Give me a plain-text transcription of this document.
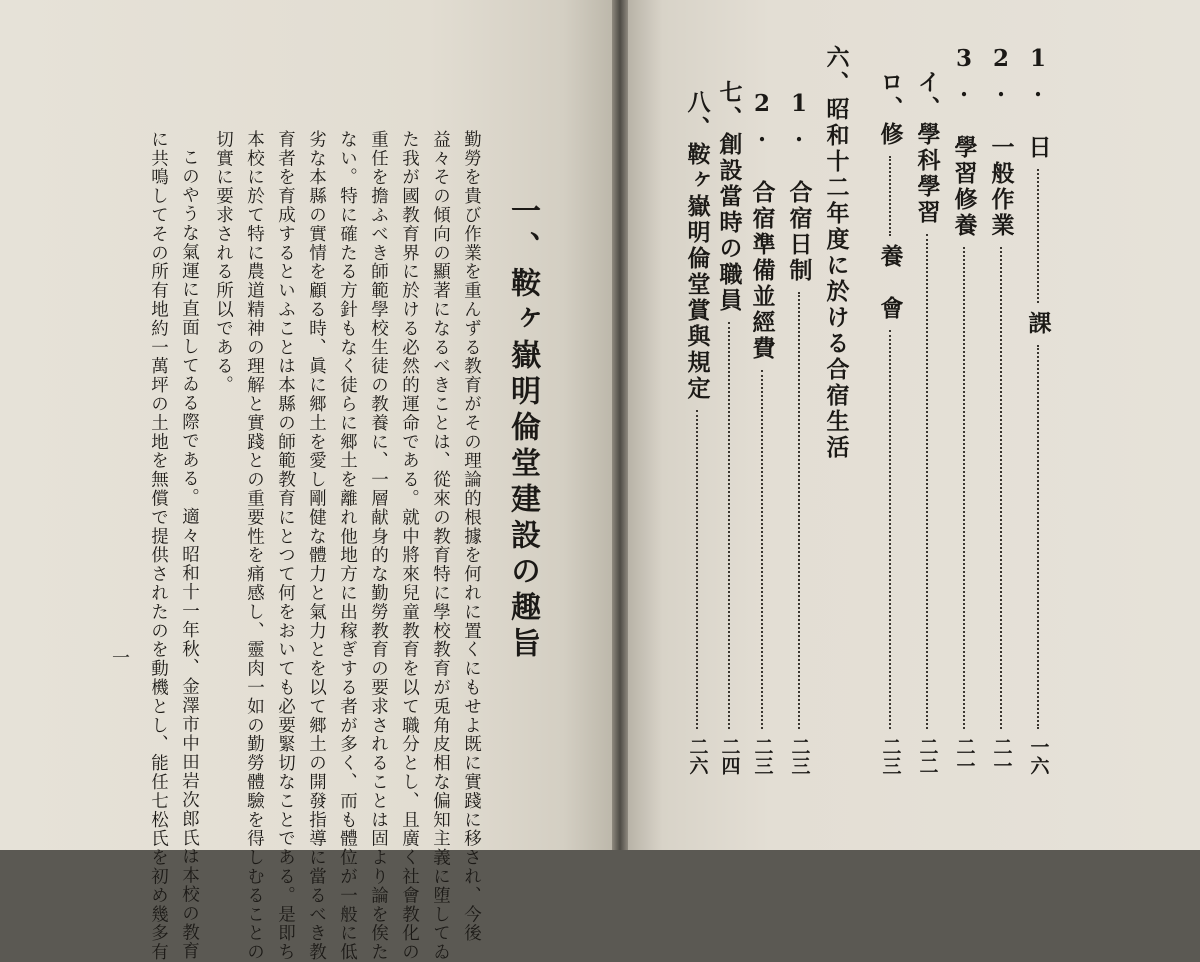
一、鞍ヶ嶽明倫堂建設の趣旨
勤勞を貴び作業を重んずる教育がその理論的根據を何れに置くにもせよ既に實踐に移され、今後
益々その傾向の顯著になるべきことは、從來の教育特に學校教育が兎角皮相な偏知主義に堕してゐ
た我が國教育界に於ける必然的運命である。就中將來兒童教育を以て職分とし、且廣く社會教化の
重任を擔ふべき師範學校生徒の教養に、一層献身的な勤勞教育の要求されることは固より論を俟た
ない。特に確たる方針もなく徒らに郷土を離れ他地方に出稼ぎする者が多く、而も體位が一般に低
劣な本縣の實情を顧る時、眞に郷土を愛し剛健な體力と氣力とを以て郷土の開發指導に當るべき教
育者を育成するといふことは本縣の師範教育にとつて何をおいても必要緊切なことである。是即ち
本校に於て特に農道精神の理解と實踐との重要性を痛感し、靈肉一如の勤勞體驗を得しむることの
切實に要求される所以である。
このやうな氣運に直面してゐる際である。適々昭和十一年秋、金澤市中田岩次郎氏は本校の教育
に共鳴してその所有地約一萬坪の土地を無償で提供されたのを動機とし、能任七松氏を初め幾多有
一
1. 日
課
一六
2. 一般作業
二一
3. 學習修養
二一
イ、學科學習
二二
ロ、修
養　會
二三
六、昭和十二年度に於ける合宿生活
1. 合宿日制
二三
2. 合宿準備並經費
二三
七、創設當時の職員
二四
八、鞍ヶ嶽明倫堂賞與規定
二六
